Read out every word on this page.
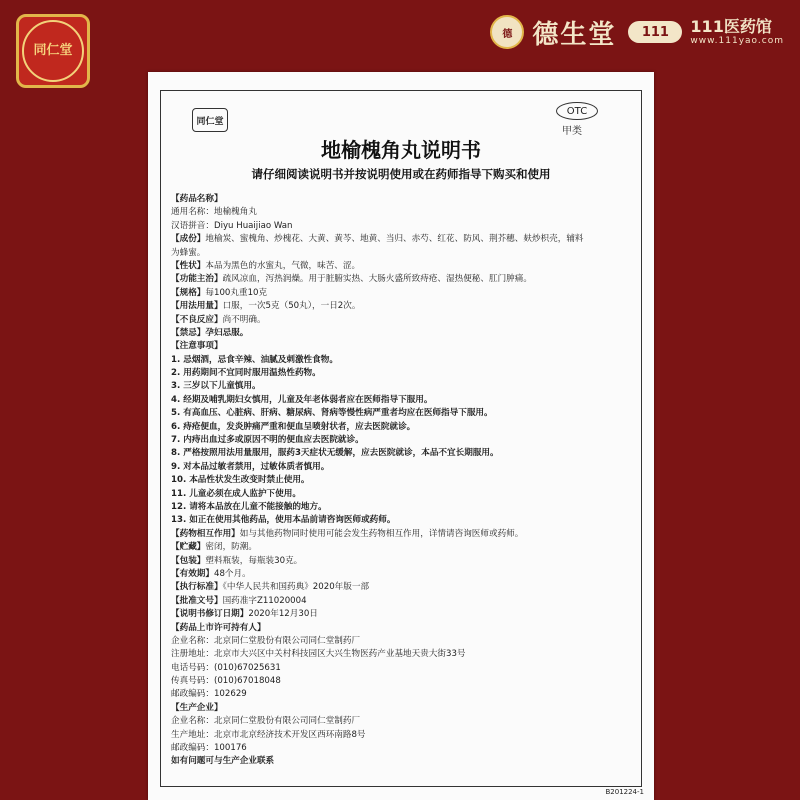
同仁堂
德 德生堂	111	111医药馆
www.111yao.com
同仁堂
OTC
甲类
地榆槐角丸说明书
请仔细阅读说明书并按说明使用或在药师指导下购买和使用
【药品名称】
通用名称：地榆槐角丸
汉语拼音：Diyu Huaijiao Wan
【成份】地榆炭、蜜槐角、炒槐花、大黄、黄芩、地黄、当归、赤芍、红花、防风、荆芥穗、麸炒枳壳，辅料
为蜂蜜。
【性状】本品为黑色的水蜜丸，气微，味苦、涩。
【功能主治】疏风凉血，泻热润燥。用于脏腑实热、大肠火盛所致痔疮、湿热便秘、肛门肿痛。
【规格】每100丸重10克
【用法用量】口服，一次5克（50丸），一日2次。
【不良反应】尚不明确。
【禁忌】孕妇忌服。
【注意事项】
1. 忌烟酒，忌食辛辣、油腻及刺激性食物。
2. 用药期间不宜同时服用温热性药物。
3. 三岁以下儿童慎用。
4. 经期及哺乳期妇女慎用，儿童及年老体弱者应在医师指导下服用。
5. 有高血压、心脏病、肝病、糖尿病、肾病等慢性病严重者均应在医师指导下服用。
6. 痔疮便血，发炎肿痛严重和便血呈喷射状者，应去医院就诊。
7. 内痔出血过多或原因不明的便血应去医院就诊。
8. 严格按照用法用量服用，服药3天症状无缓解，应去医院就诊，本品不宜长期服用。
9. 对本品过敏者禁用，过敏体质者慎用。
10. 本品性状发生改变时禁止使用。
11. 儿童必须在成人监护下使用。
12. 请将本品放在儿童不能接触的地方。
13. 如正在使用其他药品，使用本品前请咨询医师或药师。
【药物相互作用】如与其他药物同时使用可能会发生药物相互作用，详情请咨询医师或药师。
【贮藏】密闭，防潮。
【包装】塑料瓶装，每瓶装30克。
【有效期】48个月。
【执行标准】《中华人民共和国药典》2020年版一部
【批准文号】国药准字Z11020004
【说明书修订日期】2020年12月30日
【药品上市许可持有人】
企业名称：北京同仁堂股份有限公司同仁堂制药厂
注册地址：北京市大兴区中关村科技园区大兴生物医药产业基地天贵大街33号
电话号码：(010)67025631
传真号码：(010)67018048
邮政编码：102629
【生产企业】
企业名称：北京同仁堂股份有限公司同仁堂制药厂
生产地址：北京市北京经济技术开发区西环南路8号
邮政编码：100176
如有问题可与生产企业联系
B201224-1
